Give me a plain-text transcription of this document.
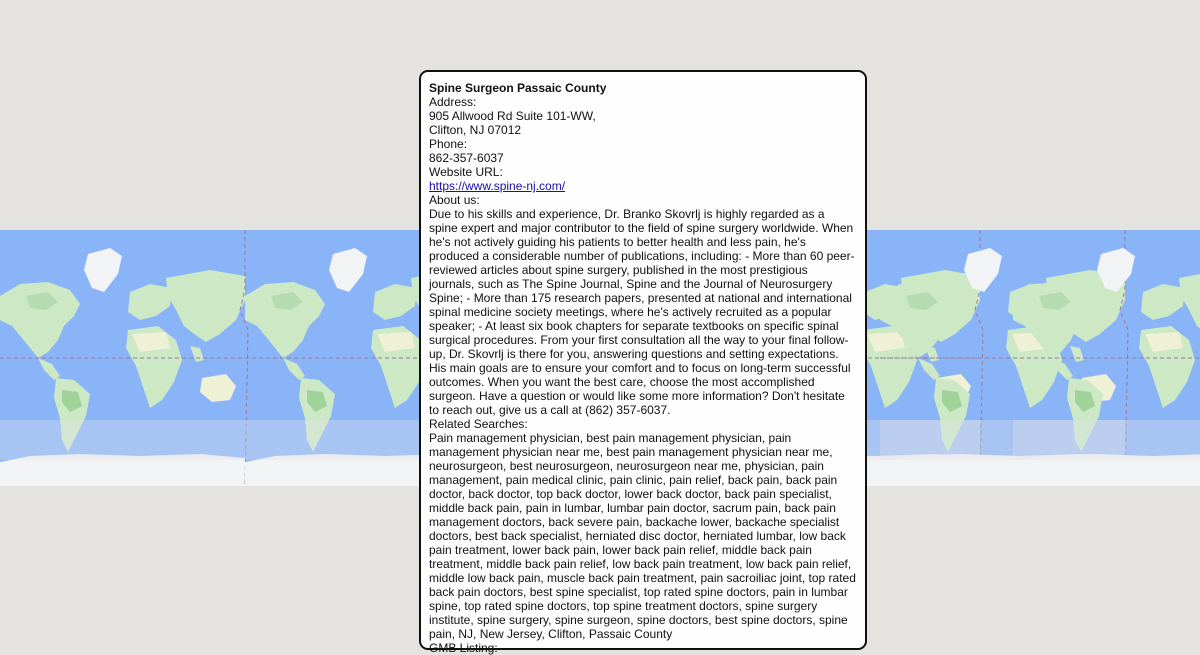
Spine Surgeon Passaic County
Address:
905 Allwood Rd Suite 101-WW,
Clifton, NJ 07012
Phone:
862-357-6037
Website URL:
https://www.spine-nj.com/
About us:
Due to his skills and experience, Dr. Branko Skovrlj is highly regarded as a spine expert and major contributor to the field of spine surgery worldwide. When he's not actively guiding his patients to better health and less pain, he's produced a considerable number of publications, including: - More than 60 peer-reviewed articles about spine surgery, published in the most prestigious journals, such as The Spine Journal, Spine and the Journal of Neurosurgery Spine; - More than 175 research papers, presented at national and international spinal medicine society meetings, where he's actively recruited as a popular speaker; - At least six book chapters for separate textbooks on specific spinal surgical procedures. From your first consultation all the way to your final follow-up, Dr. Skovrlj is there for you, answering questions and setting expectations. His main goals are to ensure your comfort and to focus on long-term successful outcomes. When you want the best care, choose the most accomplished surgeon. Have a question or would like some more information? Don't hesitate to reach out, give us a call at (862) 357-6037.
Related Searches:
Pain management physician, best pain management physician, pain management physician near me, best pain management physician near me, neurosurgeon, best neurosurgeon, neurosurgeon near me, physician, pain management, pain medical clinic, pain clinic, pain relief, back pain, back pain doctor, back doctor, top back doctor, lower back doctor, back pain specialist, middle back pain, pain in lumbar, lumbar pain doctor, sacrum pain, back pain management doctors, back severe pain, backache lower, backache specialist doctors, best back specialist, herniated disc doctor, herniated lumbar, low back pain treatment, lower back pain, lower back pain relief, middle back pain treatment, middle back pain relief, low back pain treatment, low back pain relief, middle low back pain, muscle back pain treatment, pain sacroiliac joint, top rated back pain doctors, best spine specialist, top rated spine doctors, pain in lumbar spine, top rated spine doctors, top spine treatment doctors, spine surgery institute, spine surgery, spine surgeon, spine doctors, best spine doctors, spine pain, NJ, New Jersey, Clifton, Passaic County
GMB Listing:
